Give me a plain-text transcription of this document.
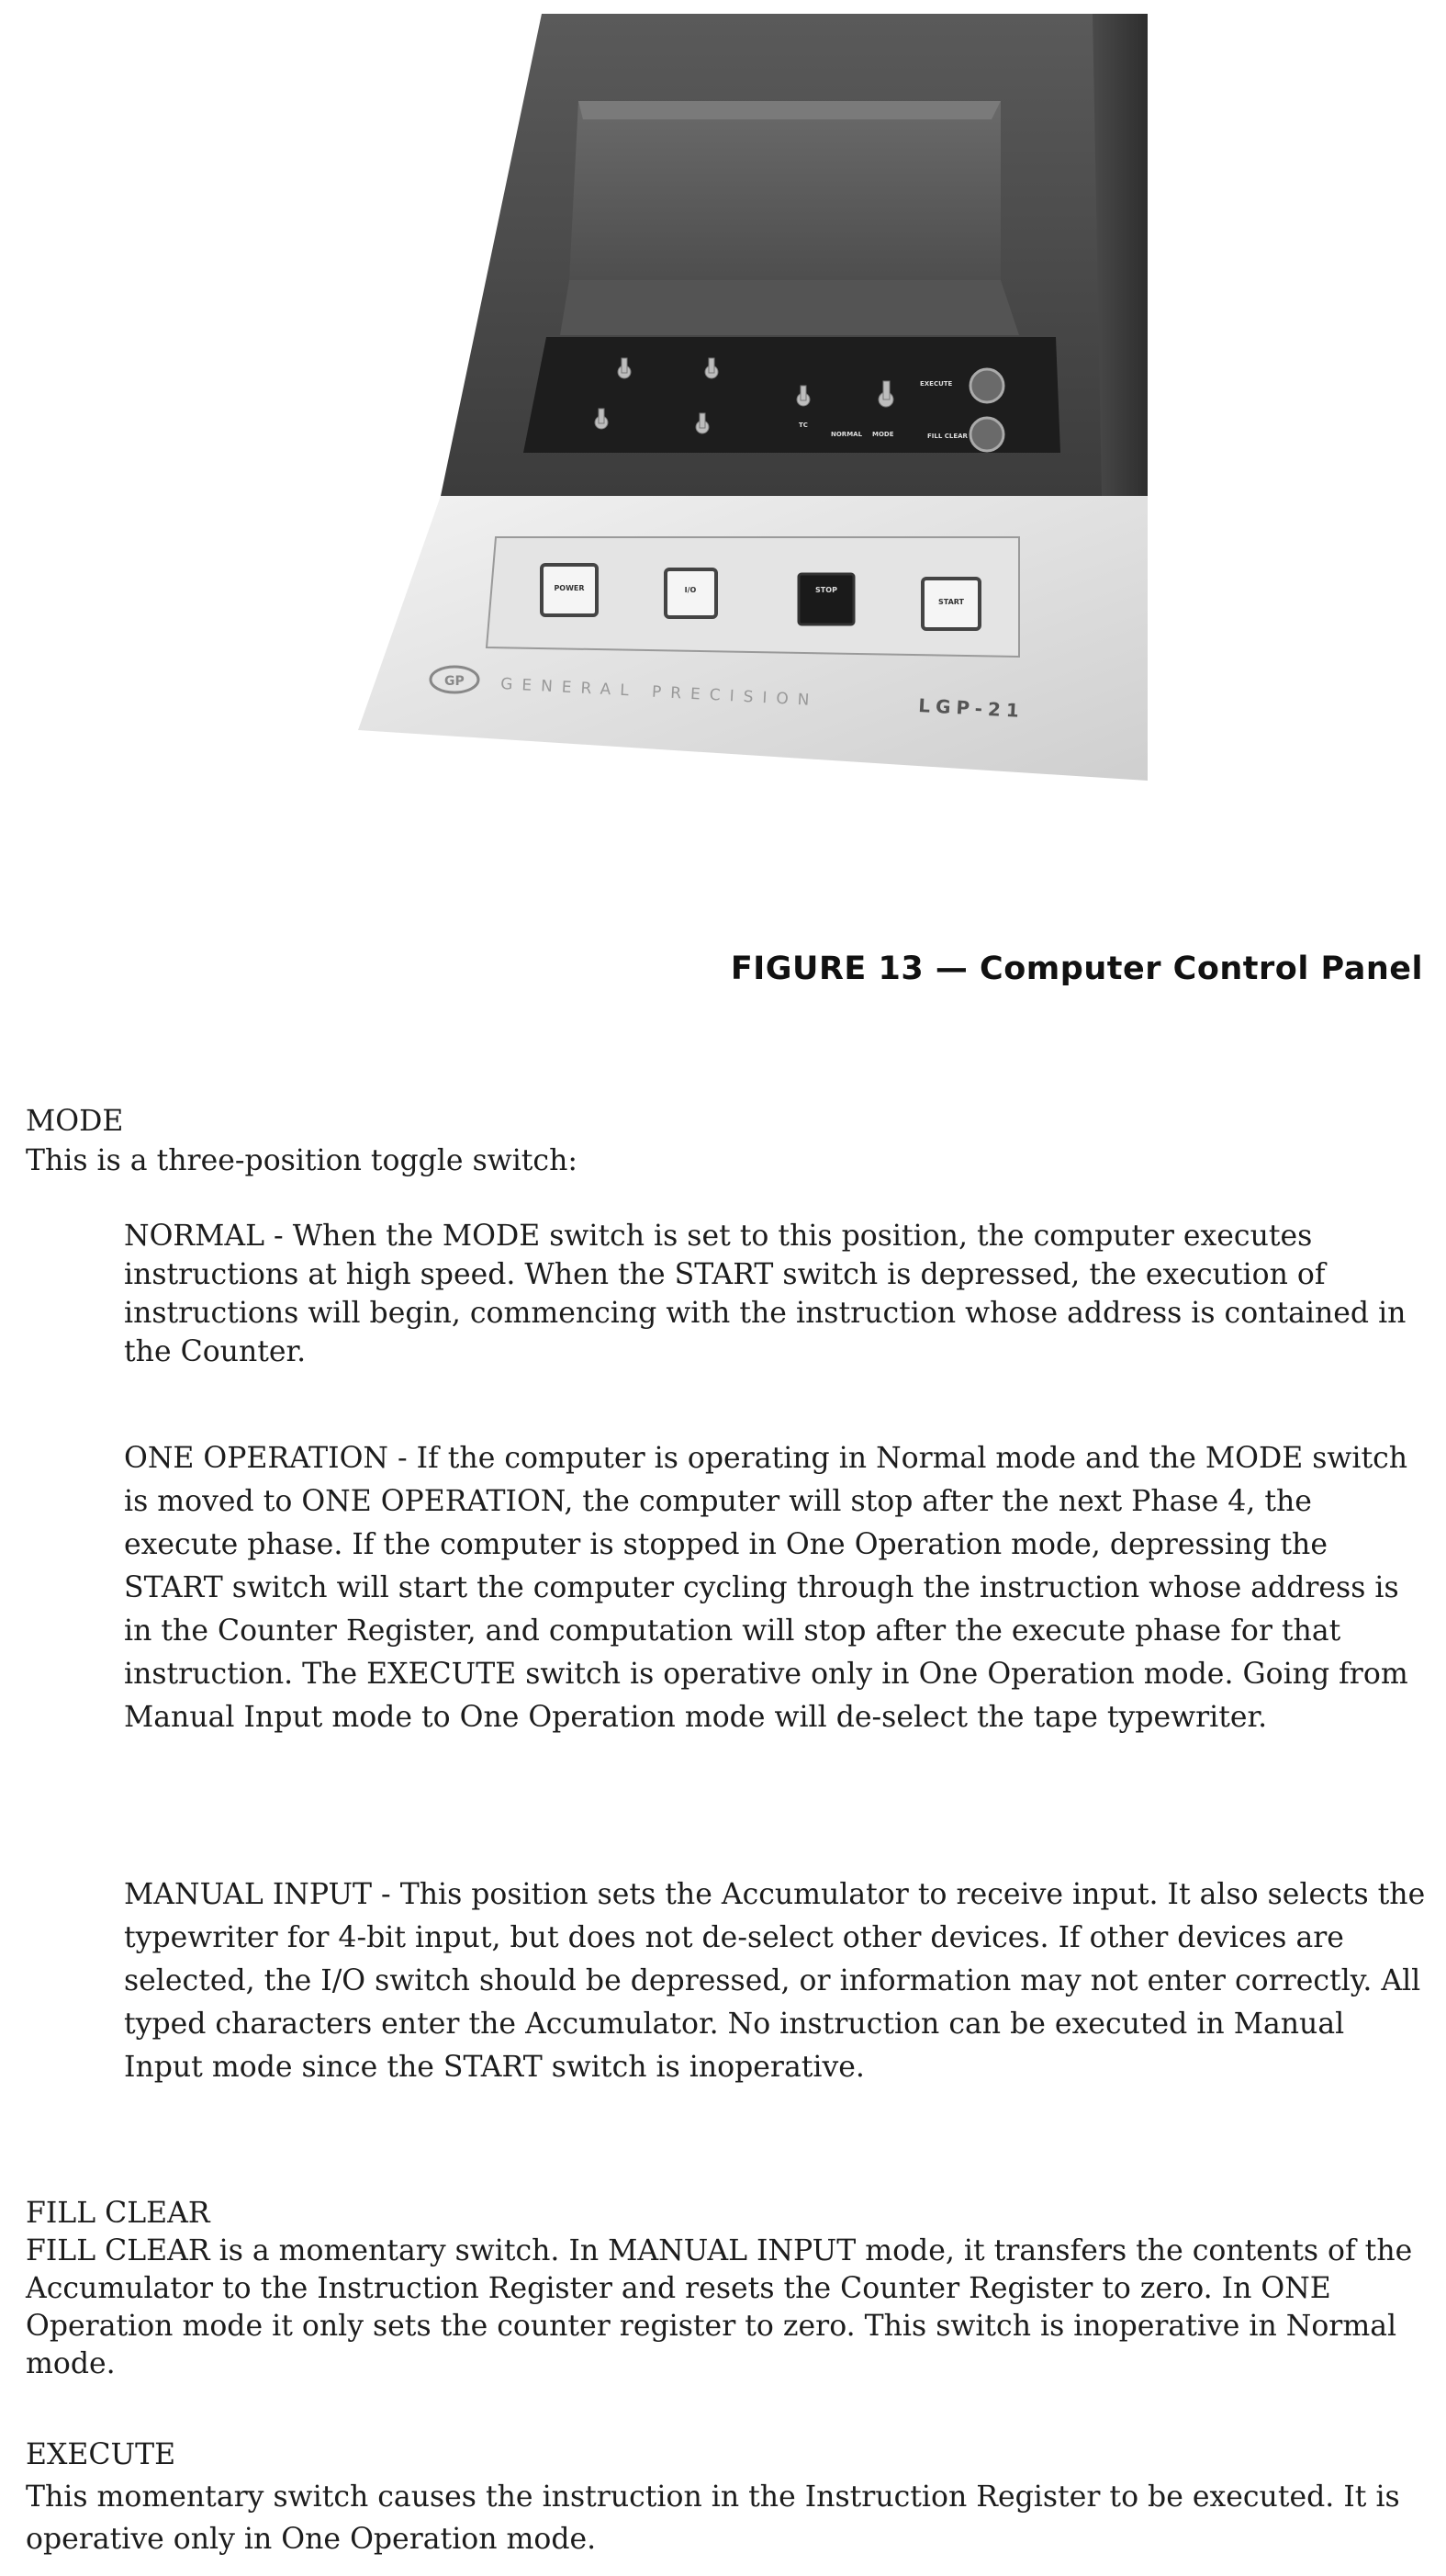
EXECUTE
MODE	FILL CLEAR
NORMAL
TC
POWER	I/O	STOP
START
GP GENERAL PRECISION	LGP-21
FIGURE 13 — Computer Control Panel

MODE

This is a three-position toggle switch:

NORMAL - When the MODE switch is set to this position, the computer executes instructions at high speed. When the START switch is depressed, the execution of instructions will begin, commencing with the instruction whose address is contained in the Counter.

ONE OPERATION - If the computer is operating in Normal mode and the MODE switch is moved to ONE OPERATION, the computer will stop after the next Phase 4, the execute phase. If the computer is stopped in One Operation mode, depressing the START switch will start the computer cycling through the instruction whose address is in the Counter Register, and computation will stop after the execute phase for that instruction. The EXECUTE switch is operative only in One Operation mode. Going from Manual Input mode to One Operation mode will de-select the tape typewriter.

MANUAL INPUT - This position sets the Accumulator to receive input. It also selects the typewriter for 4-bit input, but does not de-select other devices. If other devices are selected, the I/O switch should be depressed, or information may not enter correctly. All typed characters enter the Accumulator. No instruction can be executed in Manual Input mode since the START switch is inoperative.

FILL CLEAR

FILL CLEAR is a momentary switch. In MANUAL INPUT mode, it transfers the contents of the Accumulator to the Instruction Register and resets the Counter Register to zero. In ONE Operation mode it only sets the counter register to zero. This switch is inoperative in Normal mode.

EXECUTE

This momentary switch causes the instruction in the Instruction Register to be executed. It is operative only in One Operation mode.
